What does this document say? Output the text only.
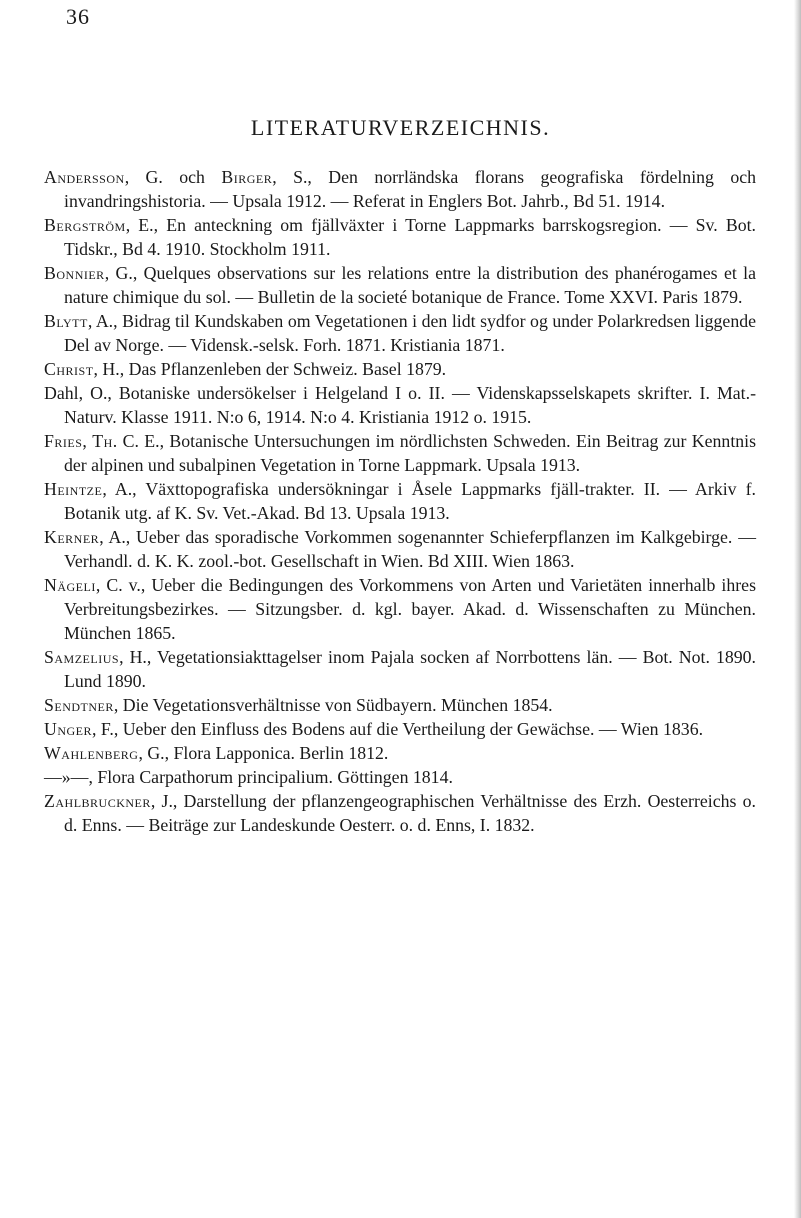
36
LITERATURVERZEICHNIS.
Andersson, G. och Birger, S., Den norrländska florans geografiska fördelning och invandringshistoria. — Upsala 1912. — Referat in Englers Bot. Jahrb., Bd 51. 1914.
Bergström, E., En anteckning om fjällväxter i Torne Lappmarks barrskogsregion. — Sv. Bot. Tidskr., Bd 4. 1910. Stockholm 1911.
Bonnier, G., Quelques observations sur les relations entre la distribution des phanérogames et la nature chimique du sol. — Bulletin de la societé botanique de France. Tome XXVI. Paris 1879.
Blytt, A., Bidrag til Kundskaben om Vegetationen i den lidt sydfor og under Polarkredsen liggende Del av Norge. — Vidensk.-selsk. Forh. 1871. Kristiania 1871.
Christ, H., Das Pflanzenleben der Schweiz. Basel 1879.
Dahl, O., Botaniske undersökelser i Helgeland I o. II. — Videnskapsselskapets skrifter. I. Mat.-Naturv. Klasse 1911. N:o 6, 1914. N:o 4. Kristiania 1912 o. 1915.
Fries, Th. C. E., Botanische Untersuchungen im nördlichsten Schweden. Ein Beitrag zur Kenntnis der alpinen und subalpinen Vegetation in Torne Lappmark. Upsala 1913.
Heintze, A., Växttopografiska undersökningar i Åsele Lappmarks fjäll-trakter. II. — Arkiv f. Botanik utg. af K. Sv. Vet.-Akad. Bd 13. Upsala 1913.
Kerner, A., Ueber das sporadische Vorkommen sogenannter Schieferpflanzen im Kalkgebirge. — Verhandl. d. K. K. zool.-bot. Gesellschaft in Wien. Bd XIII. Wien 1863.
Nägeli, C. v., Ueber die Bedingungen des Vorkommens von Arten und Varietäten innerhalb ihres Verbreitungsbezirkes. — Sitzungsber. d. kgl. bayer. Akad. d. Wissenschaften zu München. München 1865.
Samzelius, H., Vegetationsiakttagelser inom Pajala socken af Norrbottens län. — Bot. Not. 1890. Lund 1890.
Sendtner, Die Vegetationsverhältnisse von Südbayern. München 1854.
Unger, F., Ueber den Einfluss des Bodens auf die Vertheilung der Gewächse. — Wien 1836.
Wahlenberg, G., Flora Lapponica. Berlin 1812.
—»—, Flora Carpathorum principalium. Göttingen 1814.
Zahlbruckner, J., Darstellung der pflanzengeographischen Verhältnisse des Erzh. Oesterreichs o. d. Enns. — Beiträge zur Landeskunde Oesterr. o. d. Enns, I. 1832.
